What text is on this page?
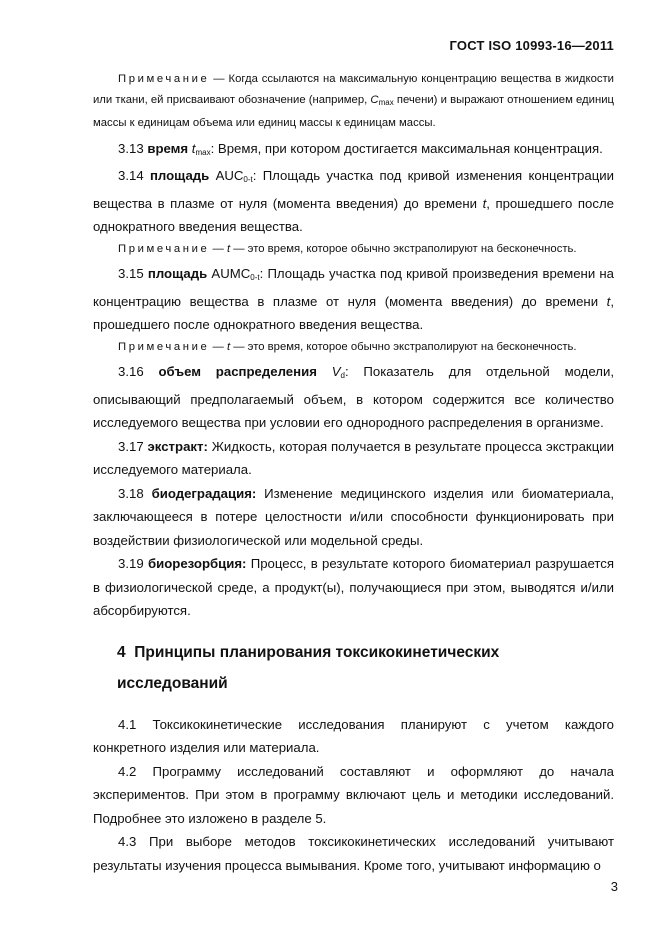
ГОСТ ISO 10993-16—2011

Примечание — Когда ссылаются на максимальную концентрацию вещества в жидкости или ткани, ей присваивают обозначение (например, $C_{max}$ печени) и выражают отношением единиц массы к единицам объема или единиц массы к единицам массы.

3.13 время $t_{max}$: Время, при котором достигается максимальная концентрация.

3.14 площадь $AUC_{0-t}$: Площадь участка под кривой изменения концентрации вещества в плазме от нуля (момента введения) до времени t, прошедшего после однократного введения вещества.

Примечание — t — это время, которое обычно экстраполируют на бесконечность.

3.15 площадь $AUMC_{0-t}$: Площадь участка под кривой произведения времени на концентрацию вещества в плазме от нуля (момента введения) до времени t, прошедшего после однократного введения вещества.

Примечание — t — это время, которое обычно экстраполируют на бесконечность.

3.16 объем распределения $V_d$: Показатель для отдельной модели, описывающий предполагаемый объем, в котором содержится все количество исследуемого вещества при условии его однородного распределения в организме.

3.17 экстракт: Жидкость, которая получается в результате процесса экстракции исследуемого материала.

3.18 биодеградация: Изменение медицинского изделия или биоматериала, заключающееся в потере целостности и/или способности функционировать при воздействии физиологической или модельной среды.

3.19 биорезорбция: Процесс, в результате которого биоматериал разрушается в физиологической среде, а продукт(ы), получающиеся при этом, выводятся и/или абсорбируются.

4 Принципы планирования токсикокинетических исследований

4.1 Токсикокинетические исследования планируют с учетом каждого конкретного изделия или материала.

4.2 Программу исследований составляют и оформляют до начала экспериментов. При этом в программу включают цель и методики исследований. Подробнее это изложено в разделе 5.

4.3 При выборе методов токсикокинетических исследований учитывают результаты изучения процесса вымывания. Кроме того, учитывают информацию о

3
